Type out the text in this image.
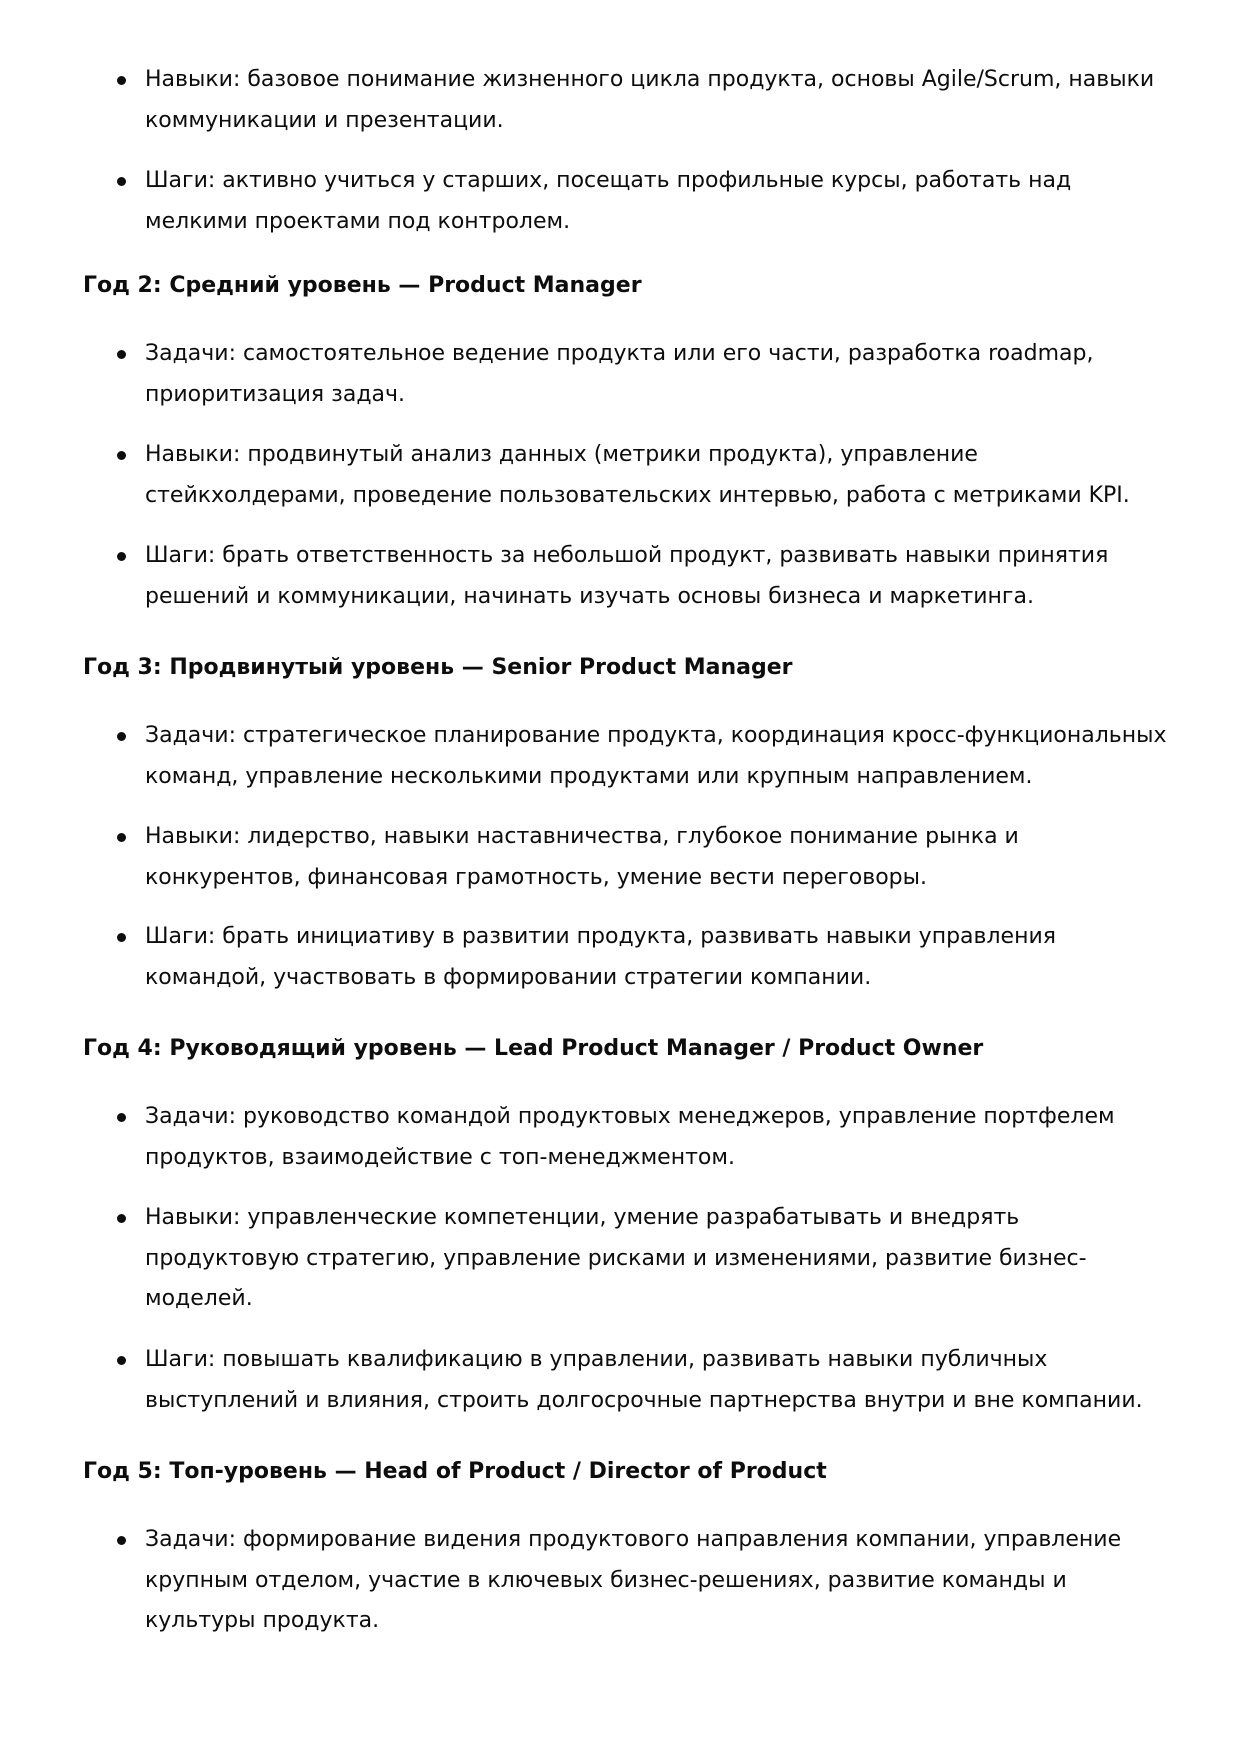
Навыки: базовое понимание жизненного цикла продукта, основы Agile/Scrum, навыки коммуникации и презентации.

Шаги: активно учиться у старших, посещать профильные курсы, работать над мелкими проектами под контролем.

Год 2: Средний уровень — Product Manager

Задачи: самостоятельное ведение продукта или его части, разработка roadmap, приоритизация задач.

Навыки: продвинутый анализ данных (метрики продукта), управление стейкхолдерами, проведение пользовательских интервью, работа с метриками KPI.

Шаги: брать ответственность за небольшой продукт, развивать навыки принятия решений и коммуникации, начинать изучать основы бизнеса и маркетинга.

Год 3: Продвинутый уровень — Senior Product Manager

Задачи: стратегическое планирование продукта, координация кросс-функциональных команд, управление несколькими продуктами или крупным направлением.

Навыки: лидерство, навыки наставничества, глубокое понимание рынка и конкурентов, финансовая грамотность, умение вести переговоры.

Шаги: брать инициативу в развитии продукта, развивать навыки управления командой, участвовать в формировании стратегии компании.

Год 4: Руководящий уровень — Lead Product Manager / Product Owner

Задачи: руководство командой продуктовых менеджеров, управление портфелем продуктов, взаимодействие с топ-менеджментом.

Навыки: управленческие компетенции, умение разрабатывать и внедрять продуктовую стратегию, управление рисками и изменениями, развитие бизнес-моделей.

Шаги: повышать квалификацию в управлении, развивать навыки публичных выступлений и влияния, строить долгосрочные партнерства внутри и вне компании.

Год 5: Топ-уровень — Head of Product / Director of Product

Задачи: формирование видения продуктового направления компании, управление крупным отделом, участие в ключевых бизнес-решениях, развитие команды и культуры продукта.
